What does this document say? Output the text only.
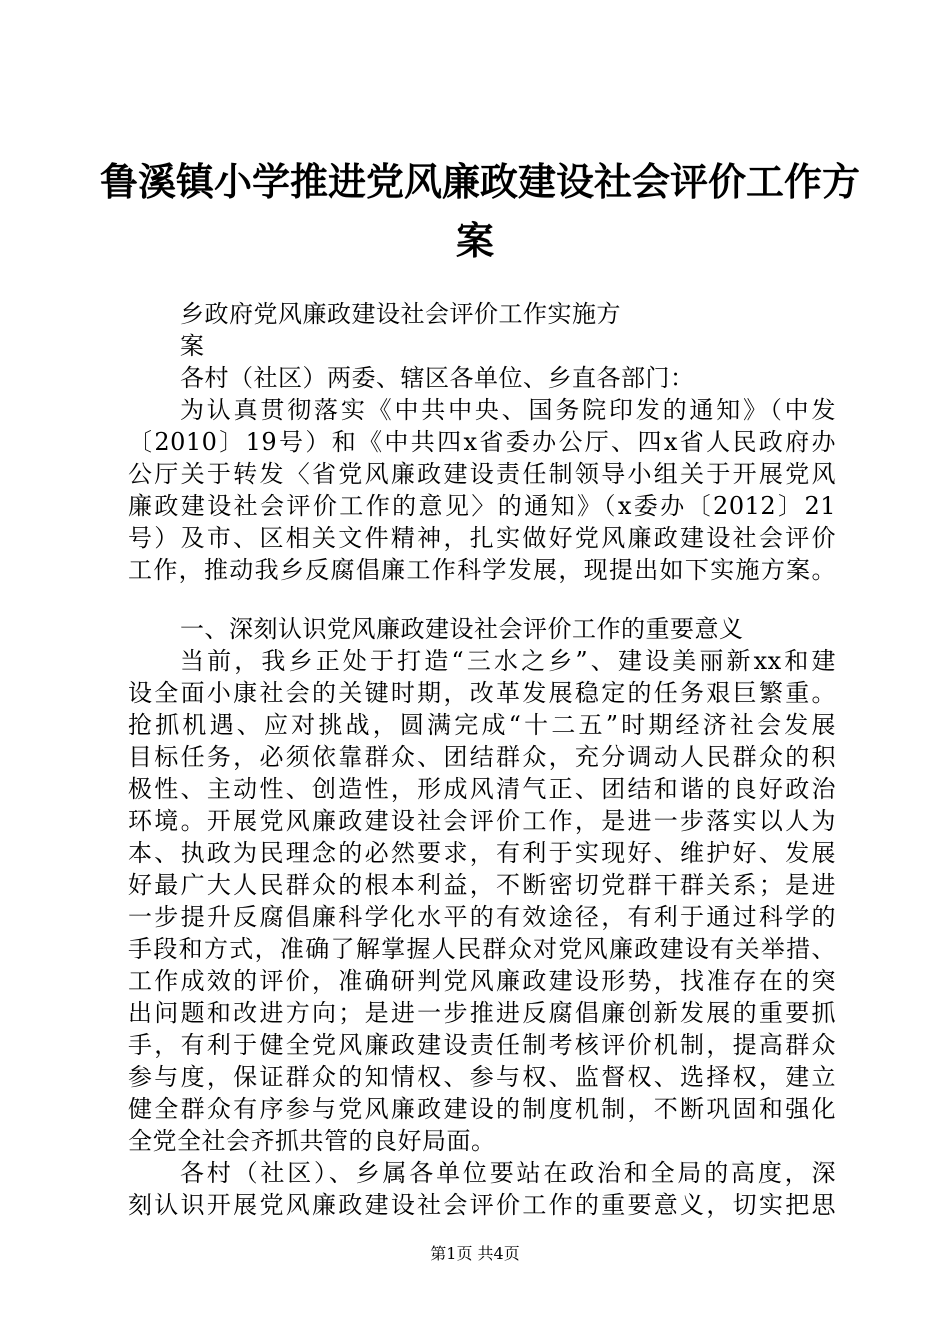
鲁溪镇小学推进党风廉政建设社会评价工作方
案
乡政府党风廉政建设社会评价工作实施方
案
各村（社区）两委、辖区各单位、乡直各部门：
为认真贯彻落实《中共中央、国务院印发的通知》（中发
〔2010〕19号）和《中共四x省委办公厅、四x省人民政府办
公厅关于转发〈省党风廉政建设责任制领导小组关于开展党风
廉政建设社会评价工作的意见〉的通知》（x委办〔2012〕21
号）及市、区相关文件精神，扎实做好党风廉政建设社会评价
工作，推动我乡反腐倡廉工作科学发展，现提出如下实施方案。
一、深刻认识党风廉政建设社会评价工作的重要意义
当前，我乡正处于打造“三水之乡”、建设美丽新xx和建
设全面小康社会的关键时期，改革发展稳定的任务艰巨繁重。
抢抓机遇、应对挑战，圆满完成“十二五”时期经济社会发展
目标任务，必须依靠群众、团结群众，充分调动人民群众的积
极性、主动性、创造性，形成风清气正、团结和谐的良好政治
环境。开展党风廉政建设社会评价工作，是进一步落实以人为
本、执政为民理念的必然要求，有利于实现好、维护好、发展
好最广大人民群众的根本利益，不断密切党群干群关系；是进
一步提升反腐倡廉科学化水平的有效途径，有利于通过科学的
手段和方式，准确了解掌握人民群众对党风廉政建设有关举措、
工作成效的评价，准确研判党风廉政建设形势，找准存在的突
出问题和改进方向；是进一步推进反腐倡廉创新发展的重要抓
手，有利于健全党风廉政建设责任制考核评价机制，提高群众
参与度，保证群众的知情权、参与权、监督权、选择权，建立
健全群众有序参与党风廉政建设的制度机制，不断巩固和强化
全党全社会齐抓共管的良好局面。
各村（社区）、乡属各单位要站在政治和全局的高度，深
刻认识开展党风廉政建设社会评价工作的重要意义，切实把思
第1页 共4页
